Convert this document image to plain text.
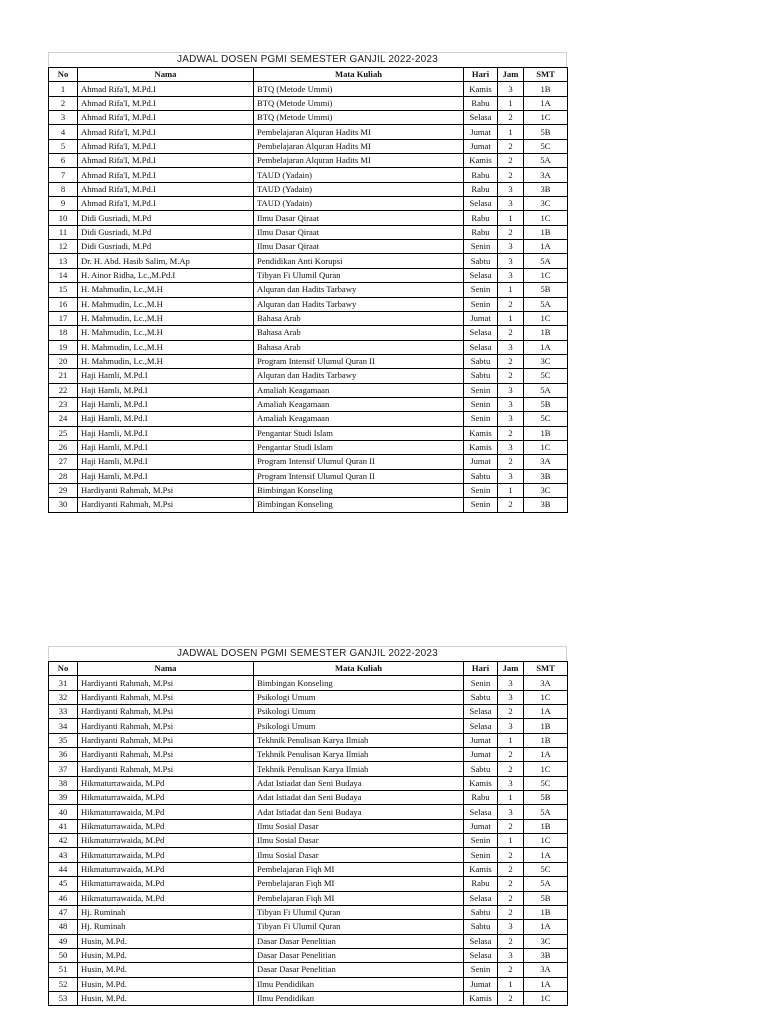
JADWAL DOSEN PGMI SEMESTER GANJIL 2022-2023
No	Nama	Mata Kuliah	Hari	Jam	SMT
1	Ahmad Rifa'I, M.Pd.I	BTQ (Metode Ummi)	Kamis	3	1B
2	Ahmad Rifa'I, M.Pd.I	BTQ (Metode Ummi)	Rabu	1	1A
3	Ahmad Rifa'I, M.Pd.I	BTQ (Metode Ummi)	Selasa	2	1C
4	Ahmad Rifa'I, M.Pd.I	Pembelajaran Alquran Hadits MI	Jumat	1	5B
5	Ahmad Rifa'I, M.Pd.I	Pembelajaran Alquran Hadits MI	Jumat	2	5C
6	Ahmad Rifa'I, M.Pd.I	Pembelajaran Alquran Hadits MI	Kamis	2	5A
7	Ahmad Rifa'I, M.Pd.I	TAUD (Yadain)	Rabu	2	3A
8	Ahmad Rifa'I, M.Pd.I	TAUD (Yadain)	Rabu	3	3B
9	Ahmad Rifa'I, M.Pd.I	TAUD (Yadain)	Selasa	3	3C
10	Didi Gusriadi, M.Pd	Ilmu Dasar Qiraat	Rabu	1	1C
11	Didi Gusriadi, M.Pd	Ilmu Dasar Qiraat	Rabu	2	1B
12	Didi Gusriadi, M.Pd	Ilmu Dasar Qiraat	Senin	3	1A
13	Dr. H. Abd. Hasib Salim, M.Ap	Pendidikan Anti Korupsi	Sabtu	3	5A
14	H. Ainor Ridha, Lc.,M.Pd.I	Tibyan Fi Ulumil Quran	Selasa	3	1C
15	H. Mahmudin, Lc.,M.H	Alquran dan Hadits Tarbawy	Senin	1	5B
16	H. Mahmudin, Lc.,M.H	Alquran dan Hadits Tarbawy	Senin	2	5A
17	H. Mahmudin, Lc.,M.H	Bahasa Arab	Jumat	1	1C
18	H. Mahmudin, Lc.,M.H	Bahasa Arab	Selasa	2	1B
19	H. Mahmudin, Lc.,M.H	Bahasa Arab	Selasa	3	1A
20	H. Mahmudin, Lc.,M.H	Program Intensif Ulumul Quran II	Sabtu	2	3C
21	Haji Hamli, M.Pd.I	Alquran dan Hadits Tarbawy	Sabtu	2	5C
22	Haji Hamli, M.Pd.I	Amaliah Keagamaan	Senin	3	5A
23	Haji Hamli, M.Pd.I	Amaliah Keagamaan	Senin	3	5B
24	Haji Hamli, M.Pd.I	Amaliah Keagamaan	Senin	3	5C
25	Haji Hamli, M.Pd.I	Pengantar Studi Islam	Kamis	2	1B
26	Haji Hamli, M.Pd.I	Pengantar Studi Islam	Kamis	3	1C
27	Haji Hamli, M.Pd.I	Program Intensif Ulumul Quran II	Jumat	2	3A
28	Haji Hamli, M.Pd.I	Program Intensif Ulumul Quran II	Sabtu	3	3B
29	Hardiyanti Rahmah, M.Psi	Bimbingan Konseling	Senin	1	3C
30	Hardiyanti Rahmah, M.Psi	Bimbingan Konseling	Senin	2	3B
JADWAL DOSEN PGMI SEMESTER GANJIL 2022-2023
No	Nama	Mata Kuliah	Hari	Jam	SMT
31	Hardiyanti Rahmah, M.Psi	Bimbingan Konseling	Senin	3	3A
32	Hardiyanti Rahmah, M.Psi	Psikologi Umum	Sabtu	3	1C
33	Hardiyanti Rahmah, M.Psi	Psikologi Umum	Selasa	2	1A
34	Hardiyanti Rahmah, M.Psi	Psikologi Umum	Selasa	3	1B
35	Hardiyanti Rahmah, M.Psi	Tekhnik Penulisan Karya Ilmiah	Jumat	1	1B
36	Hardiyanti Rahmah, M.Psi	Tekhnik Penulisan Karya Ilmiah	Jumat	2	1A
37	Hardiyanti Rahmah, M.Psi	Tekhnik Penulisan Karya Ilmiah	Sabtu	2	1C
38	Hikmaturrawaida, M.Pd	Adat Istiadat dan Seni Budaya	Kamis	3	5C
39	Hikmaturrawaida, M.Pd	Adat Istiadat dan Seni Budaya	Rabu	1	5B
40	Hikmaturrawaida, M.Pd	Adat Istiadat dan Seni Budaya	Selasa	3	5A
41	Hikmaturrawaida, M.Pd	Ilmu Sosial Dasar	Jumat	2	1B
42	Hikmaturrawaida, M.Pd	Ilmu Sosial Dasar	Senin	1	1C
43	Hikmaturrawaida, M.Pd	Ilmu Sosial Dasar	Senin	2	1A
44	Hikmaturrawaida, M.Pd	Pembelajaran Fiqh MI	Kamis	2	5C
45	Hikmaturrawaida, M.Pd	Pembelajaran Fiqh MI	Rabu	2	5A
46	Hikmaturrawaida, M.Pd	Pembelajaran Fiqh MI	Selasa	2	5B
47	Hj. Ruminah	Tibyan Fi Ulumil Quran	Sabtu	2	1B
48	Hj. Ruminah	Tibyan Fi Ulumil Quran	Sabtu	3	1A
49	Husin, M.Pd.	Dasar Dasar Penelitian	Selasa	2	3C
50	Husin, M.Pd.	Dasar Dasar Penelitian	Selasa	3	3B
51	Husin, M.Pd.	Dasar Dasar Penelitian	Senin	2	3A
52	Husin, M.Pd.	Ilmu Pendidikan	Jumat	1	1A
53	Husin, M.Pd.	Ilmu Pendidikan	Kamis	2	1C
